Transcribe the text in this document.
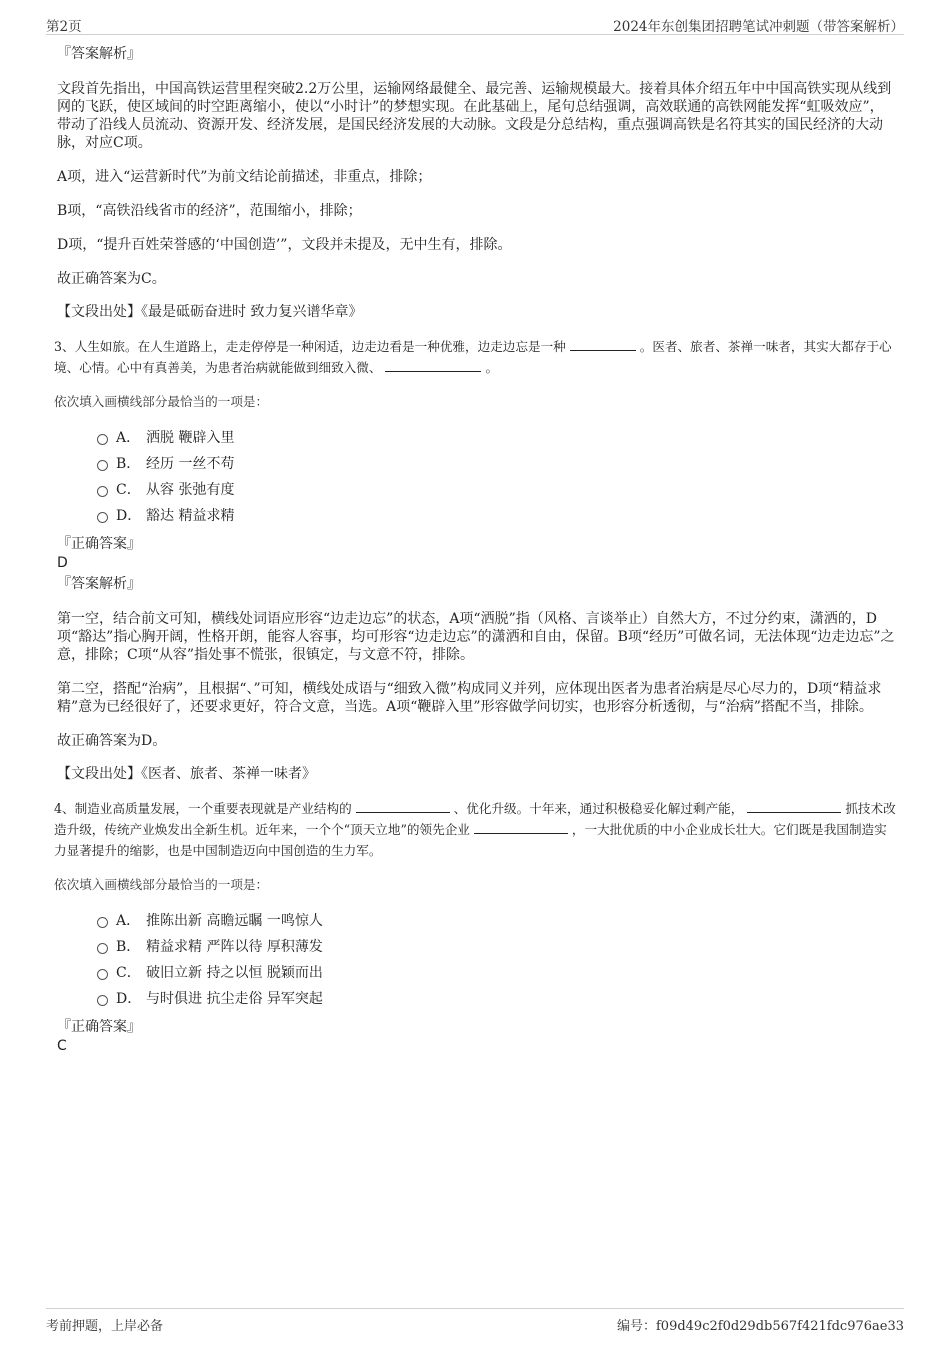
第2页	2024年东创集团招聘笔试冲刺题（带答案解析）

『答案解析』

文段首先指出，中国高铁运营里程突破2.2万公里，运输网络最健全、最完善、运输规模最大。接着具体介绍五年中中国高铁实现从线到网的飞跃，使区域间的时空距离缩小，使以“小时计”的梦想实现。在此基础上，尾句总结强调，高效联通的高铁网能发挥“虹吸效应”，带动了沿线人员流动、资源开发、经济发展，是国民经济发展的大动脉。文段是分总结构，重点强调高铁是名符其实的国民经济的大动脉，对应C项。

A项，进入“运营新时代”为前文结论前描述，非重点，排除；

B项，“高铁沿线省市的经济”，范围缩小，排除；

D项，“提升百姓荣誉感的‘中国创造’”，文段并未提及，无中生有，排除。

故正确答案为C。

【文段出处】《最是砥砺奋进时 致力复兴谱华章》

3、人生如旅。在人生道路上，走走停停是一种闲适，边走边看是一种优雅，边走边忘是一种	。医者、旅者、茶禅一味者，其实大都存于心境、心情。心中有真善美，为患者治病就能做到细致入微、	。

依次填入画横线部分最恰当的一项是：

A． 洒脱 鞭辟入里
B． 经历 一丝不苟
C． 从容 张弛有度
D． 豁达 精益求精

『正确答案』

D

『答案解析』

第一空，结合前文可知，横线处词语应形容“边走边忘”的状态，A项“洒脱”指（风格、言谈举止）自然大方，不过分约束，潇洒的，D项“豁达”指心胸开阔，性格开朗，能容人容事，均可形容“边走边忘”的潇洒和自由，保留。B项“经历”可做名词，无法体现“边走边忘”之意，排除；C项“从容”指处事不慌张，很镇定，与文意不符，排除。

第二空，搭配“治病”，且根据“、”可知，横线处成语与“细致入微”构成同义并列，应体现出医者为患者治病是尽心尽力的，D项“精益求精”意为已经很好了，还要求更好，符合文意，当选。A项“鞭辟入里”形容做学问切实，也形容分析透彻，与“治病”搭配不当，排除。

故正确答案为D。

【文段出处】《医者、旅者、茶禅一味者》

4、制造业高质量发展，一个重要表现就是产业结构的	、优化升级。十年来，通过积极稳妥化解过剩产能，	抓技术改造升级，传统产业焕发出全新生机。近年来，一个个“顶天立地”的领先企业	，一大批优质的中小企业成长壮大。它们既是我国制造实力显著提升的缩影，也是中国制造迈向中国创造的生力军。

依次填入画横线部分最恰当的一项是：

A． 推陈出新 高瞻远瞩 一鸣惊人
B． 精益求精 严阵以待 厚积薄发
C． 破旧立新 持之以恒 脱颖而出
D． 与时俱进 抗尘走俗 异军突起

『正确答案』

C

考前押题，上岸必备	编号：f09d49c2f0d29db567f421fdc976ae33
